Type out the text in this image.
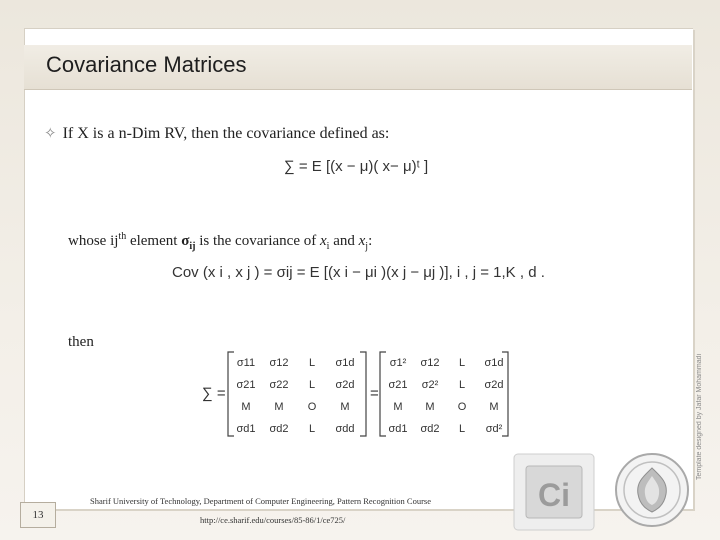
Covariance Matrices
✧ If X is a n-Dim RV, then the covariance defined as:
∑ = E [(x − μ)( x− μ)ᵗ ]
whose $ij^{th}$ element $\sigma_{ij}$ is the covariance of $x_i$ and $x_j$:
Cov (x i , x j ) = σij = E [(x i − μi )(x j − μj )], i , j = 1,K , d .
then
∑ =	=
σ11 σ12 L σ1d
σ21 σ22 L σ2d
M M O M
σd1 σd2 L σdd
σ1² σ12 L σ1d
σ21 σ2² L σ2d
M M O M
σd1 σd2 L σd²	Template designed by Jafar Mohammadi
Sharif University of Technology, Department of Computer Engineering, Pattern Recognition Course
http://ce.sharif.edu/courses/85-86/1/ce725/
13
Ci
